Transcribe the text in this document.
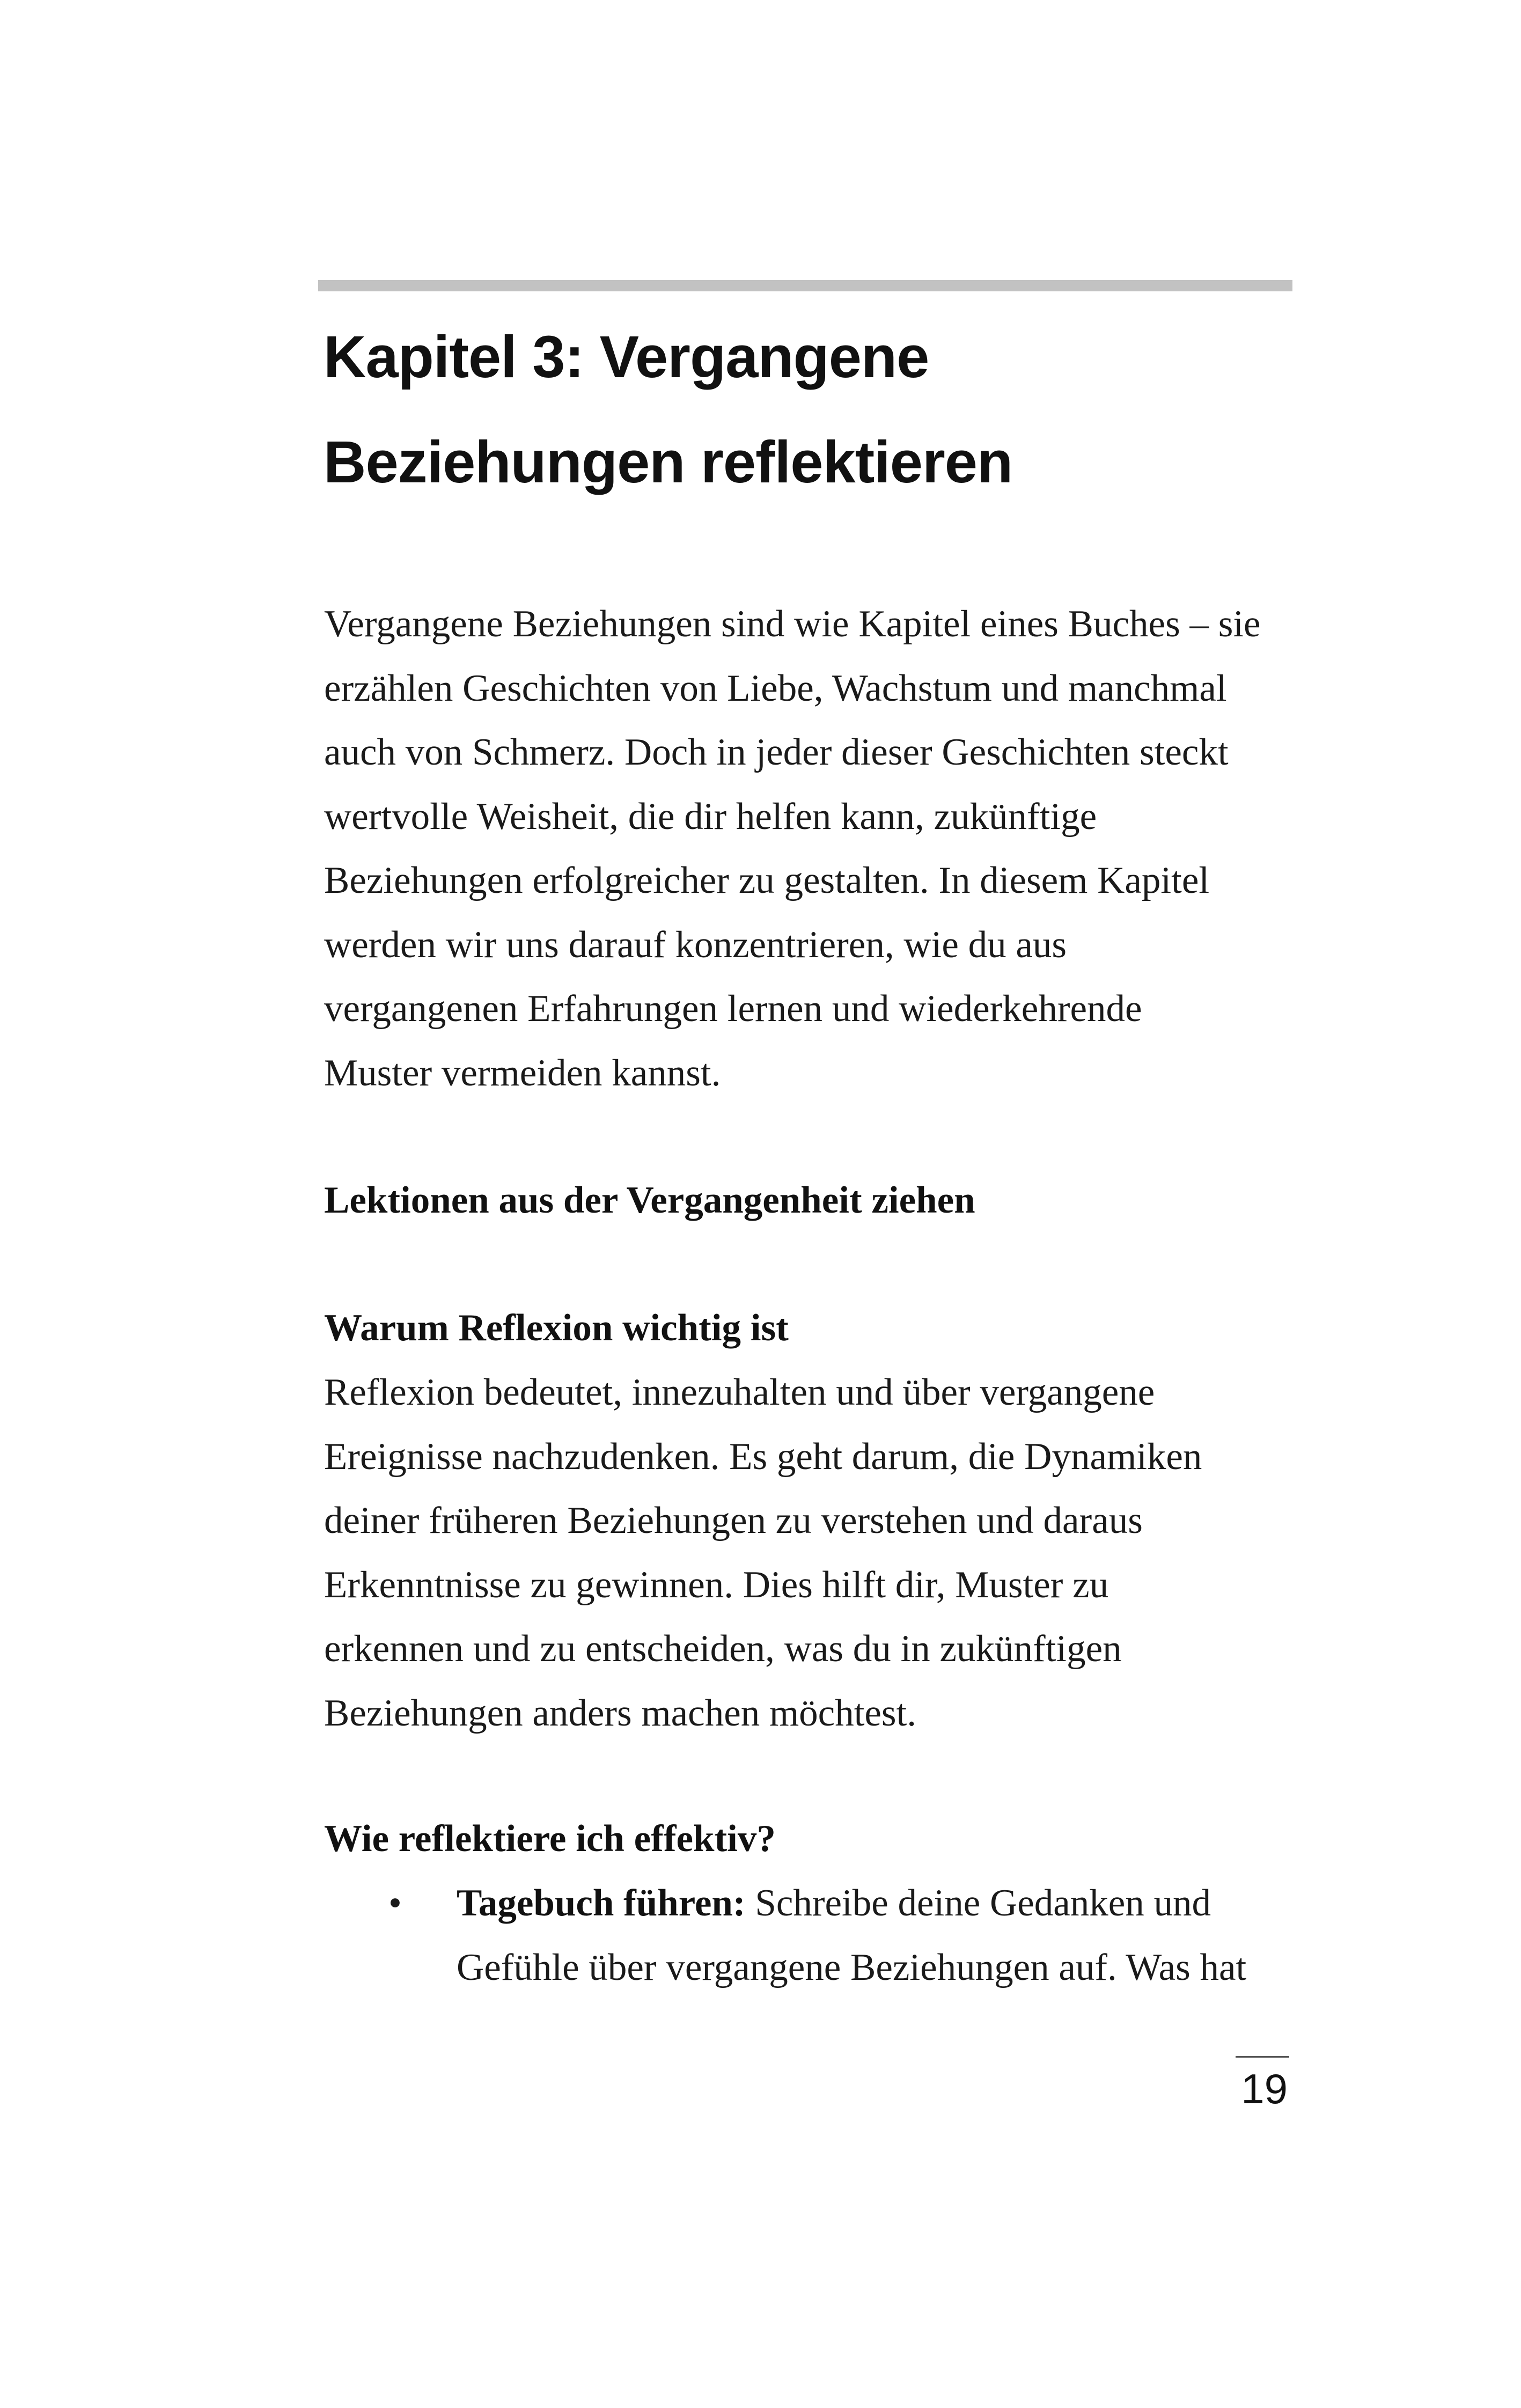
Kapitel 3: Vergangene
Beziehungen reflektieren

Vergangene Beziehungen sind wie Kapitel eines Buches – sie
erzählen Geschichten von Liebe, Wachstum und manchmal
auch von Schmerz. Doch in jeder dieser Geschichten steckt
wertvolle Weisheit, die dir helfen kann, zukünftige
Beziehungen erfolgreicher zu gestalten. In diesem Kapitel
werden wir uns darauf konzentrieren, wie du aus
vergangenen Erfahrungen lernen und wiederkehrende
Muster vermeiden kannst.

Lektionen aus der Vergangenheit ziehen
Warum Reflexion wichtig ist

Reflexion bedeutet, innezuhalten und über vergangene
Ereignisse nachzudenken. Es geht darum, die Dynamiken
deiner früheren Beziehungen zu verstehen und daraus
Erkenntnisse zu gewinnen. Dies hilft dir, Muster zu
erkennen und zu entscheiden, was du in zukünftigen
Beziehungen anders machen möchtest.

Wie reflektiere ich effektiv?
• Tagebuch führen: Schreibe deine Gedanken und
Gefühle über vergangene Beziehungen auf. Was hat
19
